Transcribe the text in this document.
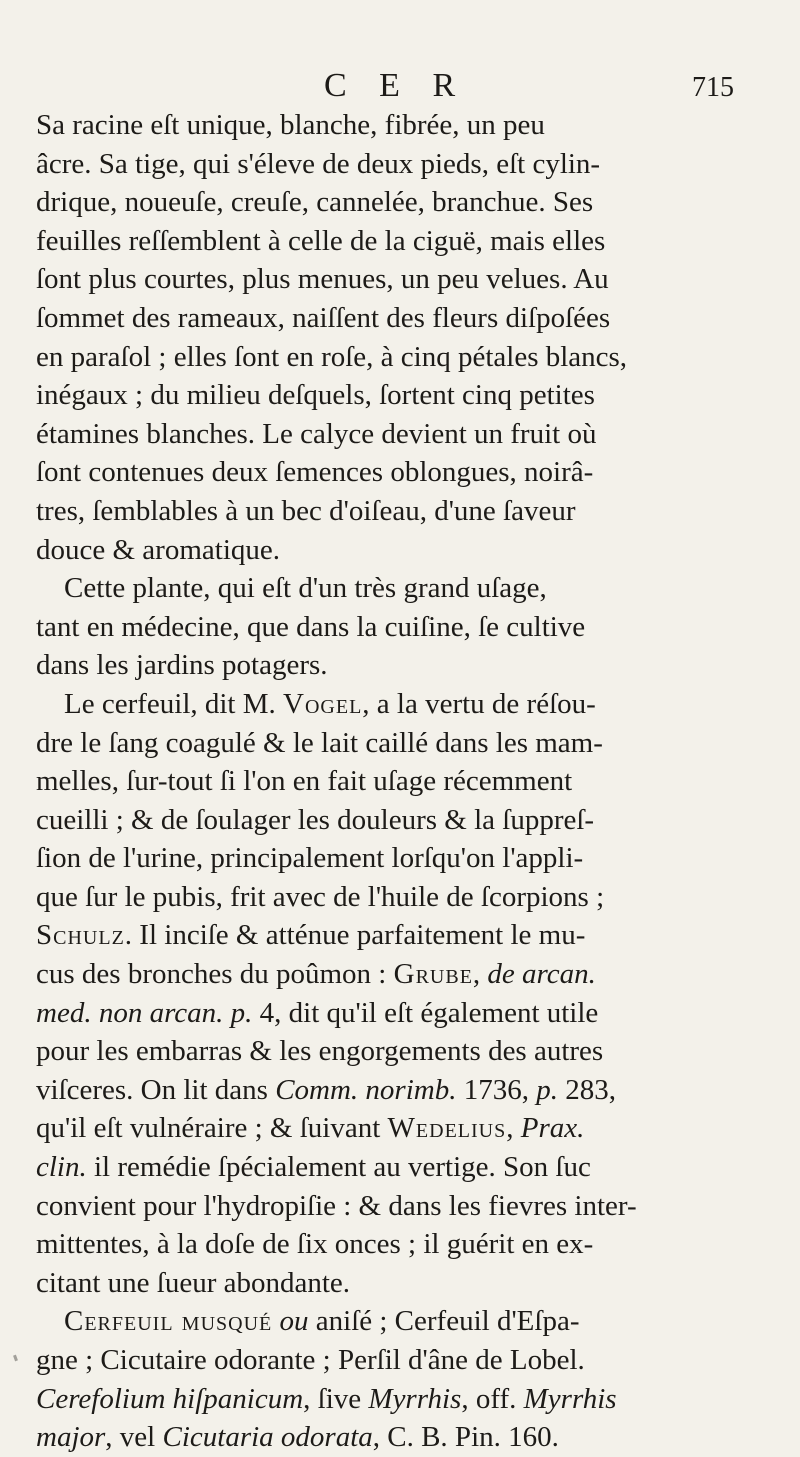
C E R	715
Sa racine eſt unique, blanche, fibrée, un peu
âcre. Sa tige, qui s'éleve de deux pieds, eſt cylin-
drique, noueuſe, creuſe, cannelée, branchue. Ses
feuilles reſſemblent à celle de la ciguë, mais elles
ſont plus courtes, plus menues, un peu velues. Au
ſommet des rameaux, naiſſent des fleurs diſpoſées
en paraſol ; elles ſont en roſe, à cinq pétales blancs,
inégaux ; du milieu deſquels, ſortent cinq petites
étamines blanches. Le calyce devient un fruit où
ſont contenues deux ſemences oblongues, noirâ-
tres, ſemblables à un bec d'oiſeau, d'une ſaveur
douce & aromatique.
Cette plante, qui eſt d'un très grand uſage,
tant en médecine, que dans la cuiſine, ſe cultive
dans les jardins potagers.
Le cerfeuil, dit M. Vogel, a la vertu de réſou-
dre le ſang coagulé & le lait caillé dans les mam-
melles, ſur-tout ſi l'on en fait uſage récemment
cueilli ; & de ſoulager les douleurs & la ſuppreſ-
ſion de l'urine, principalement lorſqu'on l'appli-
que ſur le pubis, frit avec de l'huile de ſcorpions ;
Schulz. Il inciſe & atténue parfaitement le mu-
cus des bronches du poûmon : Grube, de arcan.
med. non arcan. p. 4, dit qu'il eſt également utile
pour les embarras & les engorgements des autres
viſceres. On lit dans Comm. norimb. 1736, p. 283,
qu'il eſt vulnéraire ; & ſuivant Wedelius, Prax.
clin. il remédie ſpécialement au vertige. Son ſuc
convient pour l'hydropiſie : & dans les fievres inter-
mittentes, à la doſe de ſix onces ; il guérit en ex-
citant une ſueur abondante.
Cerfeuil musqué ou aniſé ; Cerfeuil d'Eſpa-
gne ; Cicutaire odorante ; Perſil d'âne de Lobel.
Cerefolium hiſpanicum, ſive Myrrhis, off. Myrrhis
major, vel Cicutaria odorata, C. B. Pin. 160.
